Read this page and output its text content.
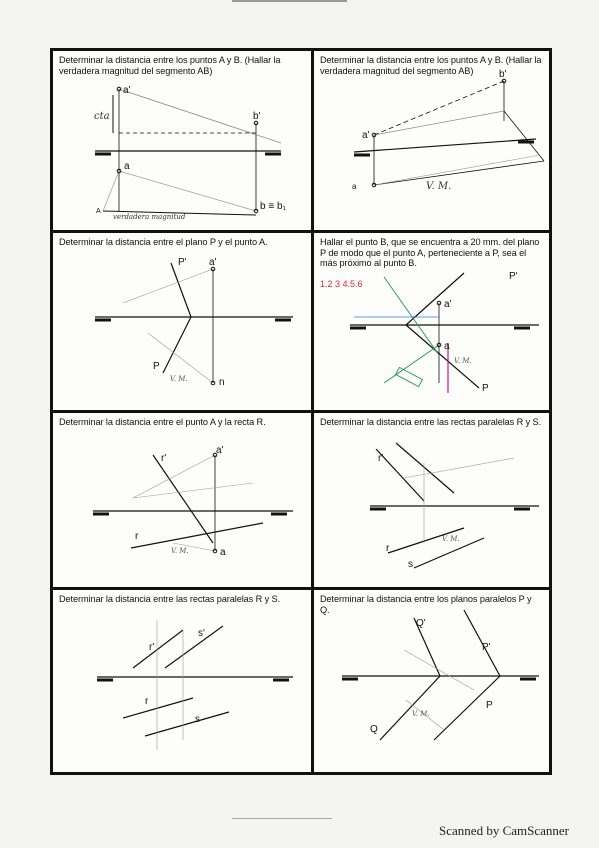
Determinar la distancia entre los puntos A y B. (Hallar la verdadera magnitud del segmento AB)
a'
b'
a
b ≡ b₁
A
cta
verdadera magnitud
Determinar la distancia entre los puntos A y B. (Hallar la verdadera magnitud del segmento AB)
a'
b'
a	V. M.
Determinar la distancia entre el plano P y el punto A.
P' a'
P
n
V. M.
Hallar el punto B, que se encuentra a 20 mm. del plano P de modo que el punto A, perteneciente a P, sea el más próximo al punto B.
1.2 3 4.5.6
P'
a'
a
P
V. M.
Determinar la distancia entre el punto A y la recta R.
r'
a'
r
a
V. M.
Determinar la distancia entre las rectas paralelas R y S.
r'
r
s
V. M.
Determinar la distancia entre las rectas paralelas R y S.
r'
s'
r
s
Determinar la distancia entre los planos paralelos P y Q.
Q'
P'
Q
P
V. M.
Scanned by CamScanner
